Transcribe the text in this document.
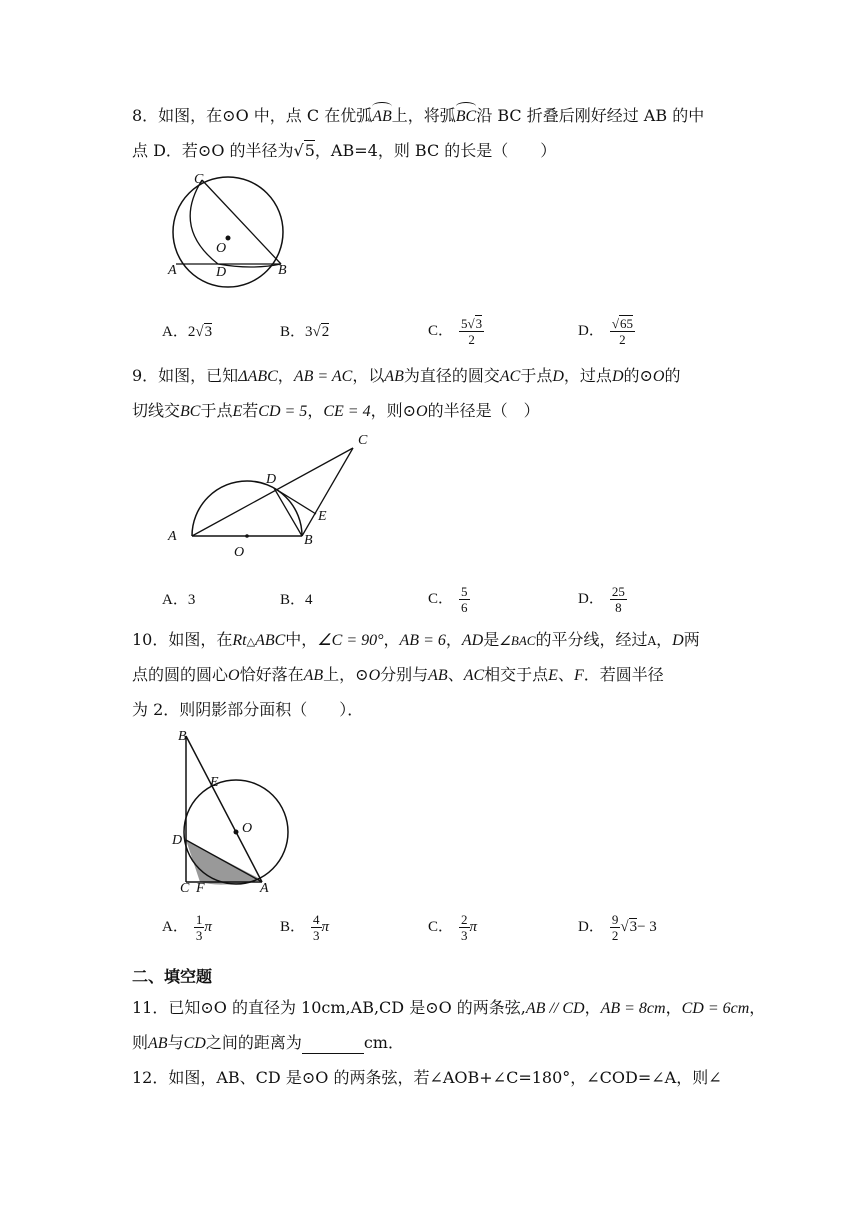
8．如图，在⊙O 中，点 C 在优弧
AB上，将弧
BC沿 BC 折叠后刚好经过 AB 的中
点 D．若⊙O 的半径为√5，AB=4，则 BC 的长是（　　）
C
O
A	D	B
A．2√3	B．3√2	C． $\frac{5√3}{2}$	D． $\frac{√65}{2}$
9．如图，已知ΔABC，AB = AC，以AB为直径的圆交AC于点D，过点D的⊙O的
切线交BC于点E若CD = 5，CE = 4，则⊙O的半径是（　）
C
D
E
A
O
B
A．3	B．4	C． $\frac{5}{6}$	D． $\frac{25}{8}$
10．如图，在Rt△ABC中，∠C = 90°，AB = 6，AD是∠BAC的平分线，经过A，D两
点的圆的圆心O恰好落在AB上，⊙O分别与AB、AC相交于点E、F．若圆半径
为 2．则阴影部分面积（　　）．
B
E
O
D
C F	A
A． $\frac{1}{3}$ π	B． $\frac{4}{3}$ π	C． $\frac{2}{3}$ π	D． $\frac{9}{2} √3- 3$
二、填空题
11．已知⊙O 的直径为 10cm,AB,CD 是⊙O 的两条弦,AB // CD，AB = 8cm，CD = 6cm，
则AB与CD之间的距离为	cm．
12．如图，AB、CD 是⊙O 的两条弦，若∠AOB+∠C=180°，∠COD=∠A，则∠
